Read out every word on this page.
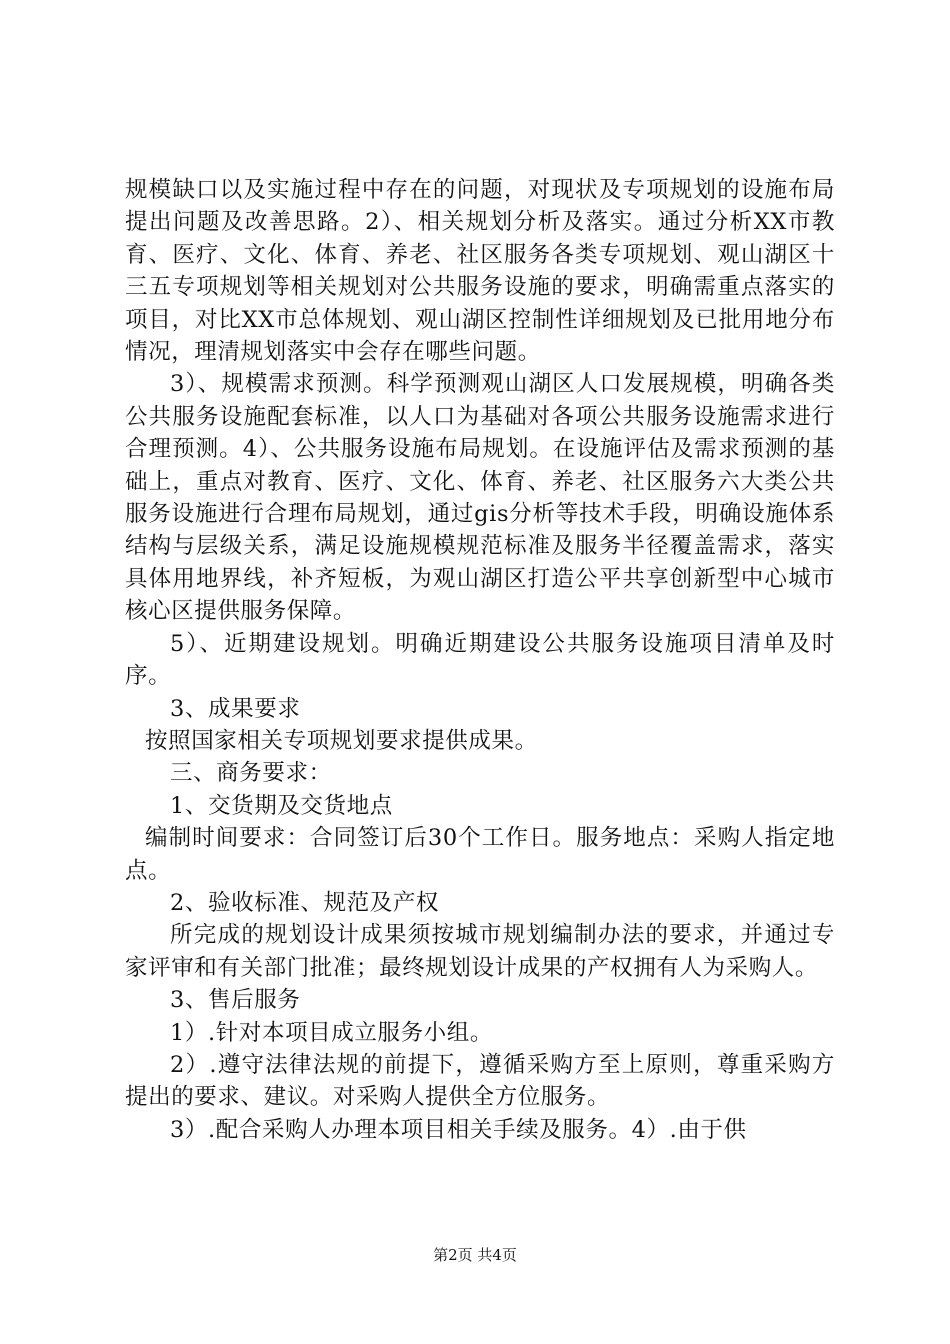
规模缺口以及实施过程中存在的问题，对现状及专项规划的设施布局提出问题及改善思路。2）、相关规划分析及落实。通过分析XX市教育、医疗、文化、体育、养老、社区服务各类专项规划、观山湖区十三五专项规划等相关规划对公共服务设施的要求，明确需重点落实的项目，对比XX市总体规划、观山湖区控制性详细规划及已批用地分布情况，理清规划落实中会存在哪些问题。

3）、规模需求预测。科学预测观山湖区人口发展规模，明确各类公共服务设施配套标准，以人口为基础对各项公共服务设施需求进行合理预测。4）、公共服务设施布局规划。在设施评估及需求预测的基础上，重点对教育、医疗、文化、体育、养老、社区服务六大类公共服务设施进行合理布局规划，通过gis分析等技术手段，明确设施体系结构与层级关系，满足设施规模规范标准及服务半径覆盖需求，落实具体用地界线，补齐短板，为观山湖区打造公平共享创新型中心城市核心区提供服务保障。

5）、近期建设规划。明确近期建设公共服务设施项目清单及时序。

3、成果要求

按照国家相关专项规划要求提供成果。

三、商务要求：

1、交货期及交货地点

编制时间要求：合同签订后30个工作日。服务地点：采购人指定地点。

2、验收标准、规范及产权

所完成的规划设计成果须按城市规划编制办法的要求，并通过专家评审和有关部门批准；最终规划设计成果的产权拥有人为采购人。

3、售后服务

1）.针对本项目成立服务小组。

2）.遵守法律法规的前提下，遵循采购方至上原则，尊重采购方提出的要求、建议。对采购人提供全方位服务。

3）.配合采购人办理本项目相关手续及服务。4）.由于供

第2页 共4页
